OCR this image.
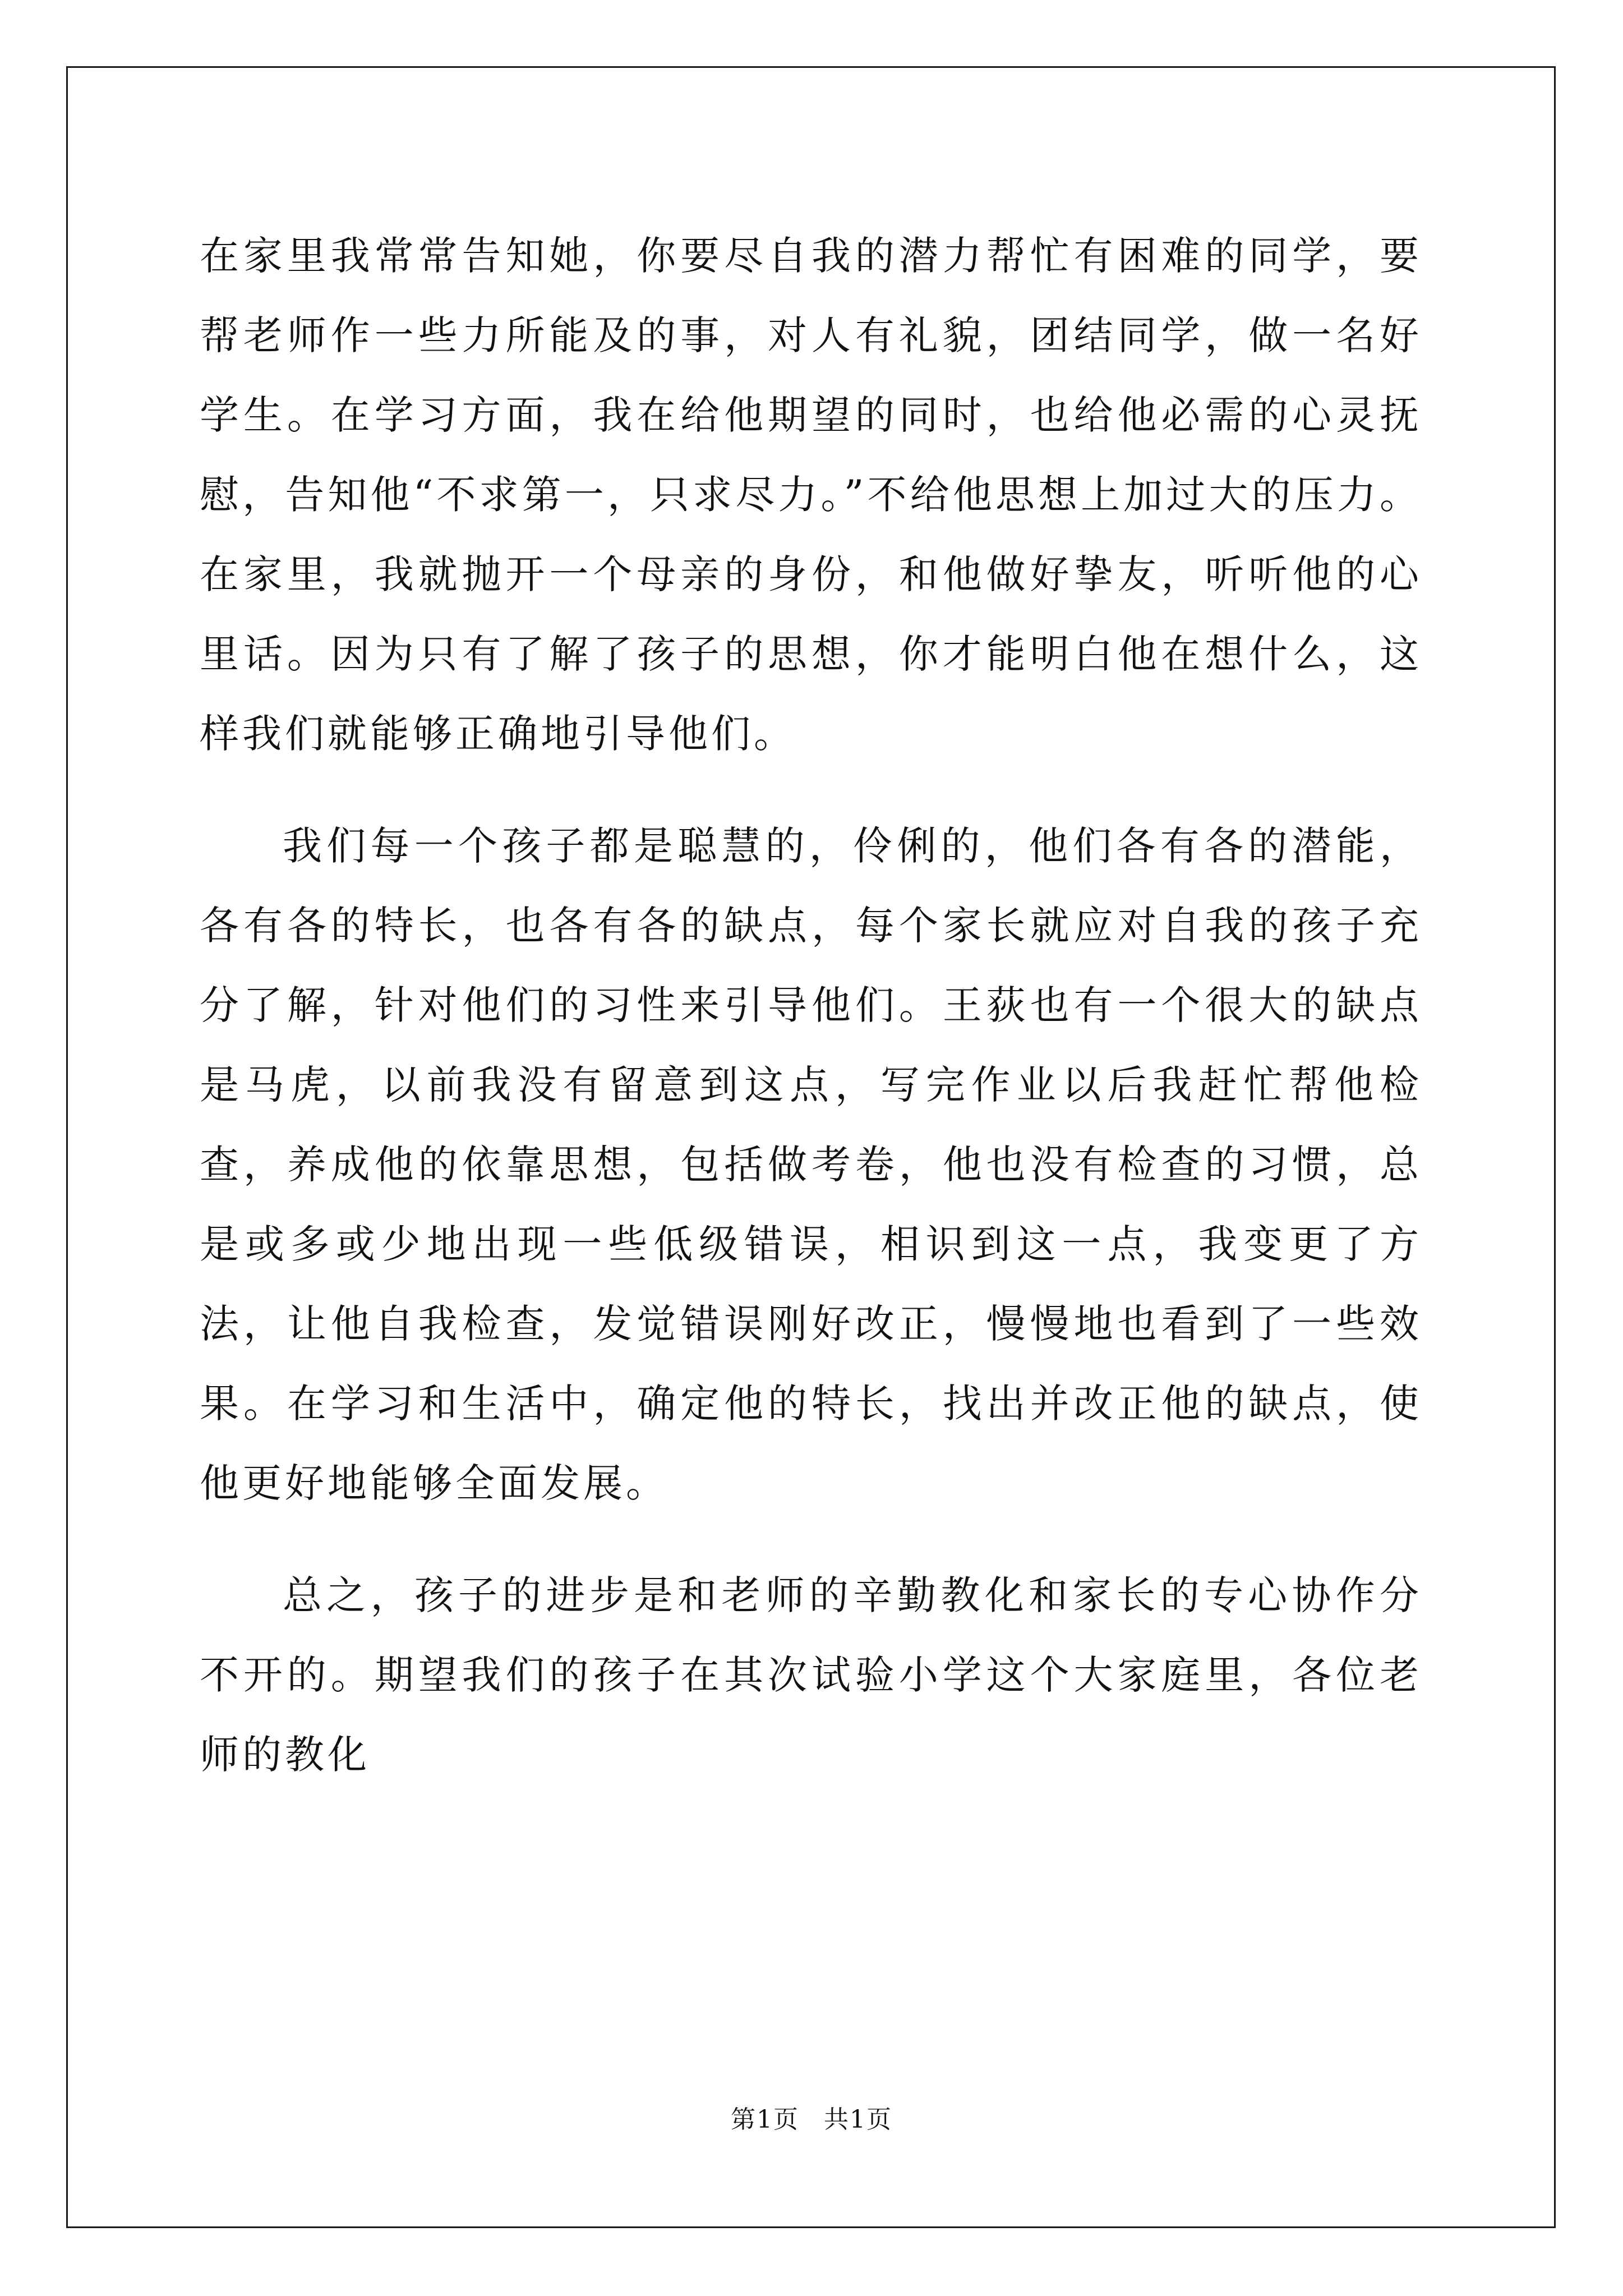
在家里我常常告知她，你要尽自我的潜力帮忙有困难的同学，要帮老师作一些力所能及的事，对人有礼貌，团结同学，做一名好学生。在学习方面，我在给他期望的同时，也给他必需的心灵抚慰，告知他“不求第一，只求尽力。”不给他思想上加过大的压力。在家里，我就抛开一个母亲的身份，和他做好挚友，听听他的心里话。因为只有了解了孩子的思想，你才能明白他在想什么，这样我们就能够正确地引导他们。

我们每一个孩子都是聪慧的，伶俐的，他们各有各的潜能，各有各的特长，也各有各的缺点，每个家长就应对自我的孩子充分了解，针对他们的习性来引导他们。王荻也有一个很大的缺点是马虎，以前我没有留意到这点，写完作业以后我赶忙帮他检查，养成他的依靠思想，包括做考卷，他也没有检查的习惯，总是或多或少地出现一些低级错误，相识到这一点，我变更了方法，让他自我检查，发觉错误刚好改正，慢慢地也看到了一些效果。在学习和生活中，确定他的特长，找出并改正他的缺点，使他更好地能够全面发展。

总之，孩子的进步是和老师的辛勤教化和家长的专心协作分不开的。期望我们的孩子在其次试验小学这个大家庭里，各位老师的教化

第1页 共1页
